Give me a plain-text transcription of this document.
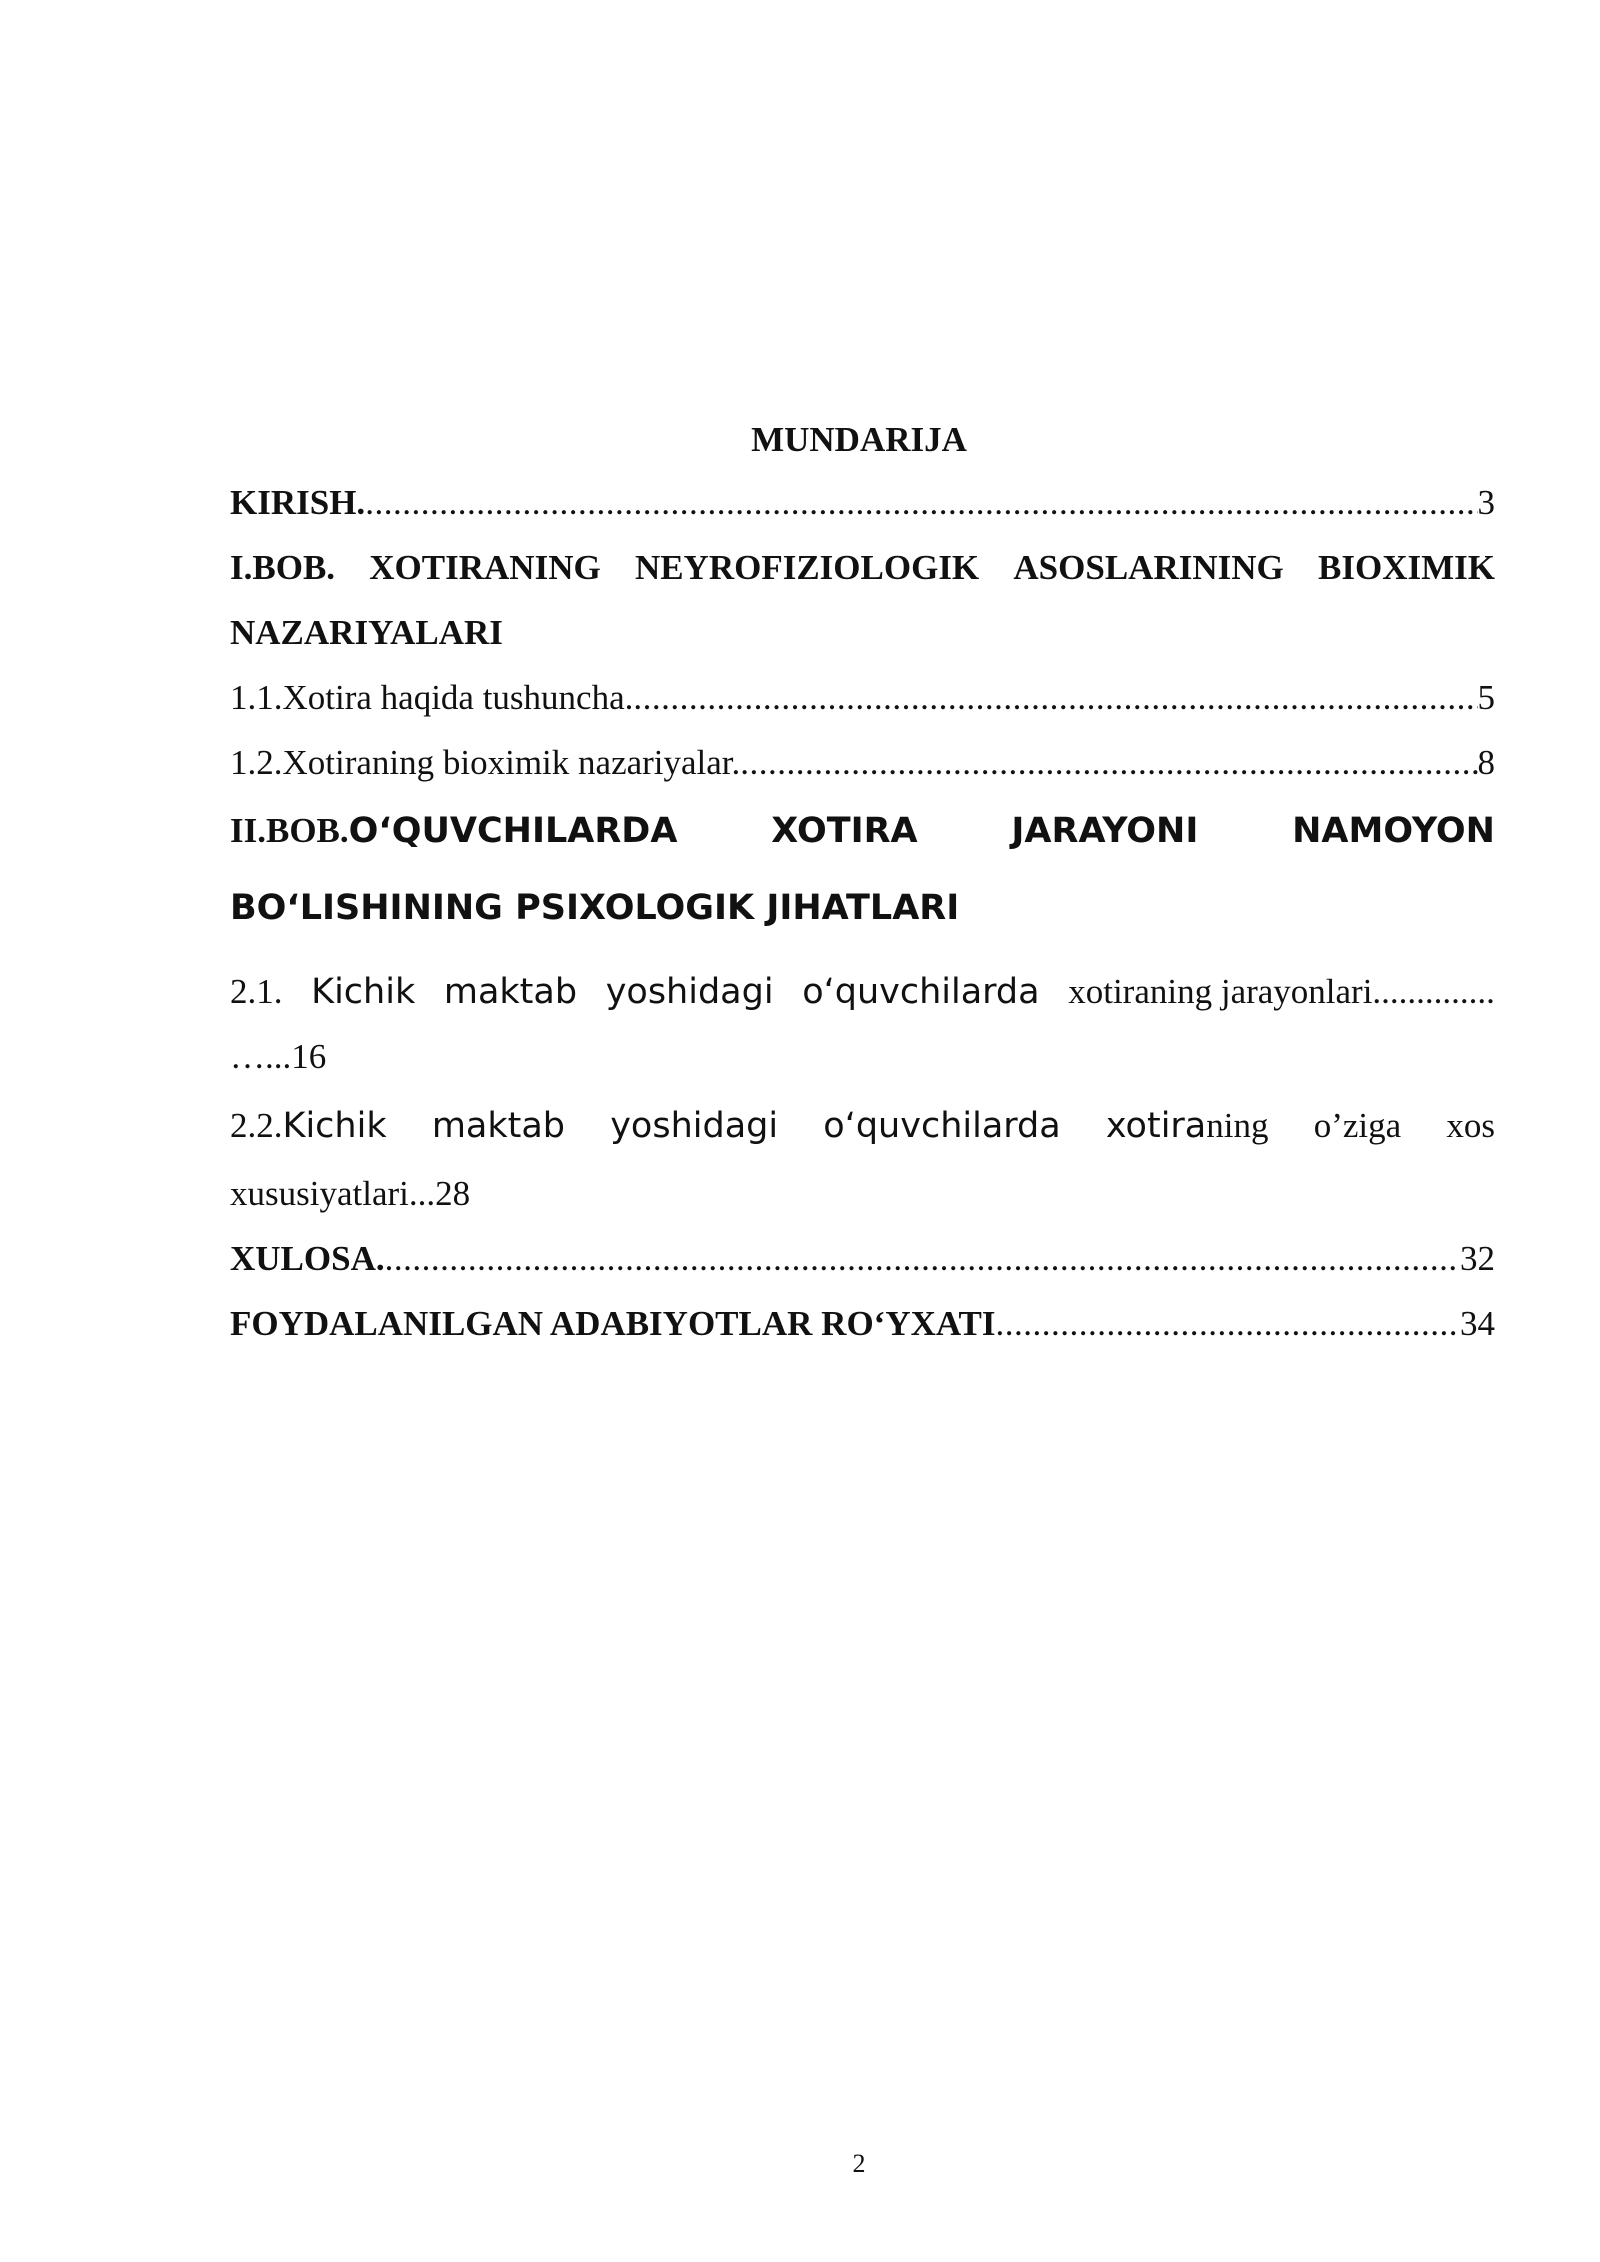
MUNDARIJA
KIRISH. .....	3
I.BOB. XOTIRANING NEYROFIZIOLOGIK ASOSLARINING BIOXIMIK
NAZARIYALARI
1.1.Xotira haqida tushuncha. .....	5
1.2.Xotiraning bioximik nazariyalar. .....	8
II.BOB.O‘QUVCHILARDA	XOTIRA	JARAYONI	NAMOYON
BO‘LISHINING PSIXOLOGIK JIHATLARI
2.1. Kichik maktab yoshidagi o‘quvchilarda xotiraning jarayonlari..............
…...16
2.2.Kichik maktab yoshidagi o‘quvchilarda xotiraning o’ziga xos
xususiyatlari...28
XULOSA. .....	32
FOYDALANILGAN ADABIYOTLAR RO‘YXATI .....	34
2
